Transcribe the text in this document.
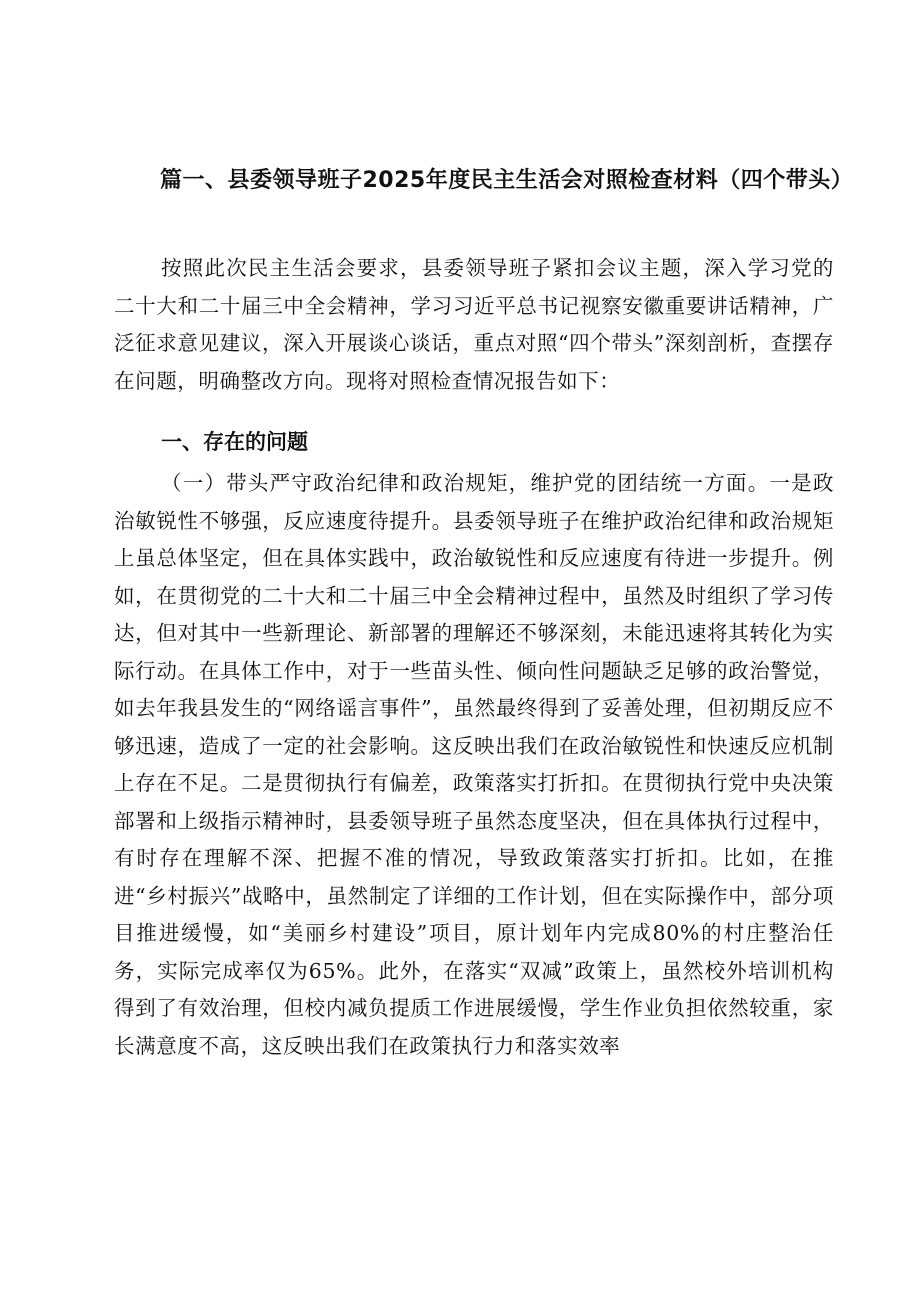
篇一、县委领导班子2025年度民主生活会对照检查材料（四个带头）
按照此次民主生活会要求，县委领导班子紧扣会议主题，深入学习党的二十大和二十届三中全会精神，学习习近平总书记视察安徽重要讲话精神，广泛征求意见建议，深入开展谈心谈话，重点对照“四个带头”深刻剖析，查摆存在问题，明确整改方向。现将对照检查情况报告如下：
一、存在的问题
（一）带头严守政治纪律和政治规矩，维护党的团结统一方面。一是政治敏锐性不够强，反应速度待提升。县委领导班子在维护政治纪律和政治规矩上虽总体坚定，但在具体实践中，政治敏锐性和反应速度有待进一步提升。例如，在贯彻党的二十大和二十届三中全会精神过程中，虽然及时组织了学习传达，但对其中一些新理论、新部署的理解还不够深刻，未能迅速将其转化为实际行动。在具体工作中，对于一些苗头性、倾向性问题缺乏足够的政治警觉，如去年我县发生的“网络谣言事件”，虽然最终得到了妥善处理，但初期反应不够迅速，造成了一定的社会影响。这反映出我们在政治敏锐性和快速反应机制上存在不足。二是贯彻执行有偏差，政策落实打折扣。在贯彻执行党中央决策部署和上级指示精神时，县委领导班子虽然态度坚决，但在具体执行过程中，有时存在理解不深、把握不准的情况，导致政策落实打折扣。比如，在推进“乡村振兴”战略中，虽然制定了详细的工作计划，但在实际操作中，部分项目推进缓慢，如“美丽乡村建设”项目，原计划年内完成80%的村庄整治任务，实际完成率仅为65%。此外，在落实“双减”政策上，虽然校外培训机构得到了有效治理，但校内减负提质工作进展缓慢，学生作业负担依然较重，家长满意度不高，这反映出我们在政策执行力和落实效率
